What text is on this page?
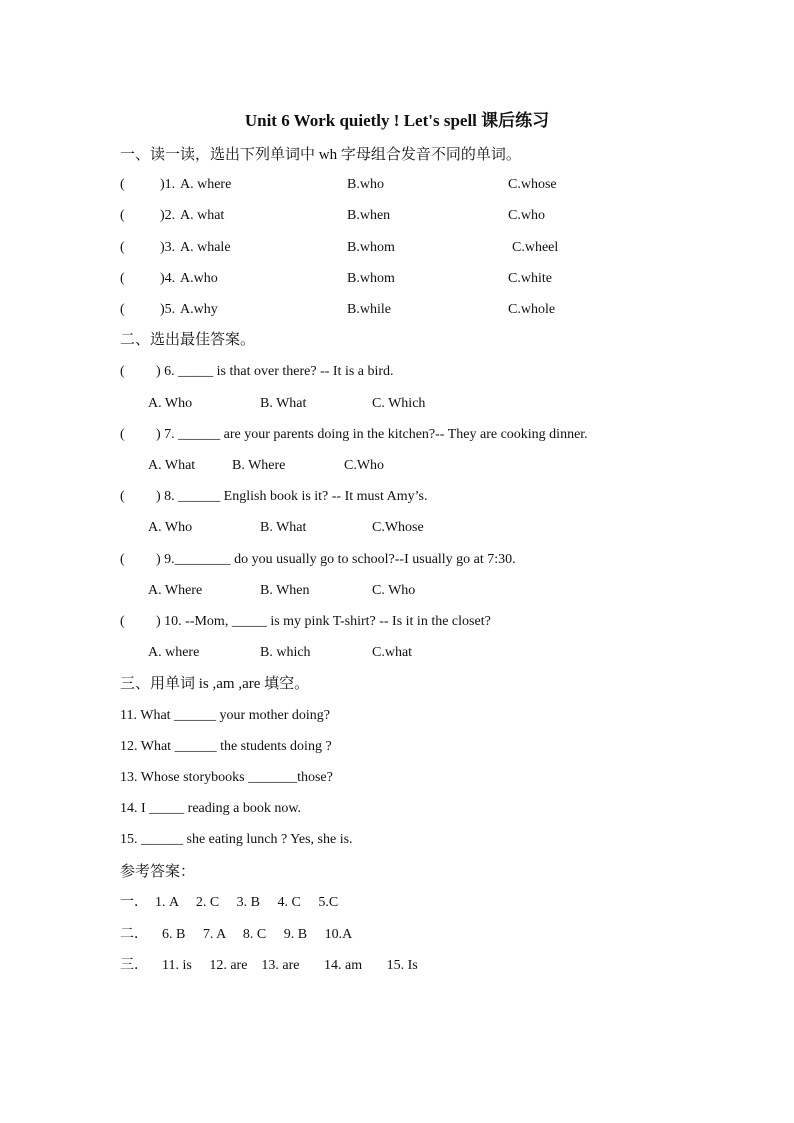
Unit 6 Work quietly ! Let's spell 课后练习
一、读一读，选出下列单词中 wh 字母组合发音不同的单词。
(	)1. A. where	B.who	C.whose
(	)2. A. what	B.when	C.who
(	)3. A. whale	B.whom	C.wheel
(	)4. A.who	B.whom	C.white
(	)5. A.why	B.while	C.whole
二、选出最佳答案。
( ) 6. _____ is that over there? -- It is a bird.
A. Who	B. What	C. Which
( ) 7. ______ are your parents doing in the kitchen?-- They are cooking dinner.
A. What	B. Where	C.Who
( ) 8. ______ English book is it? -- It must Amy’s.
A. Who	B. What	C.Whose
( ) 9.________ do you usually go to school?--I usually go at 7:30.
A. Where	B. When	C. Who
( ) 10. --Mom, _____ is my pink T-shirt? -- Is it in the closet?
A. where	B. which	C.what
三、用单词 is ,am ,are 填空。
11. What ______ your mother doing?
12. What ______ the students doing ?
13. Whose storybooks _______those?
14. I _____ reading a book now.
15. ______ she eating lunch ? Yes, she is.
参考答案：
一．  1. A     2. C     3. B     4. C     5.C
二．    6. B     7. A     8. C     9. B     10.A
三．    11. is     12. are    13. are       14. am       15. Is
